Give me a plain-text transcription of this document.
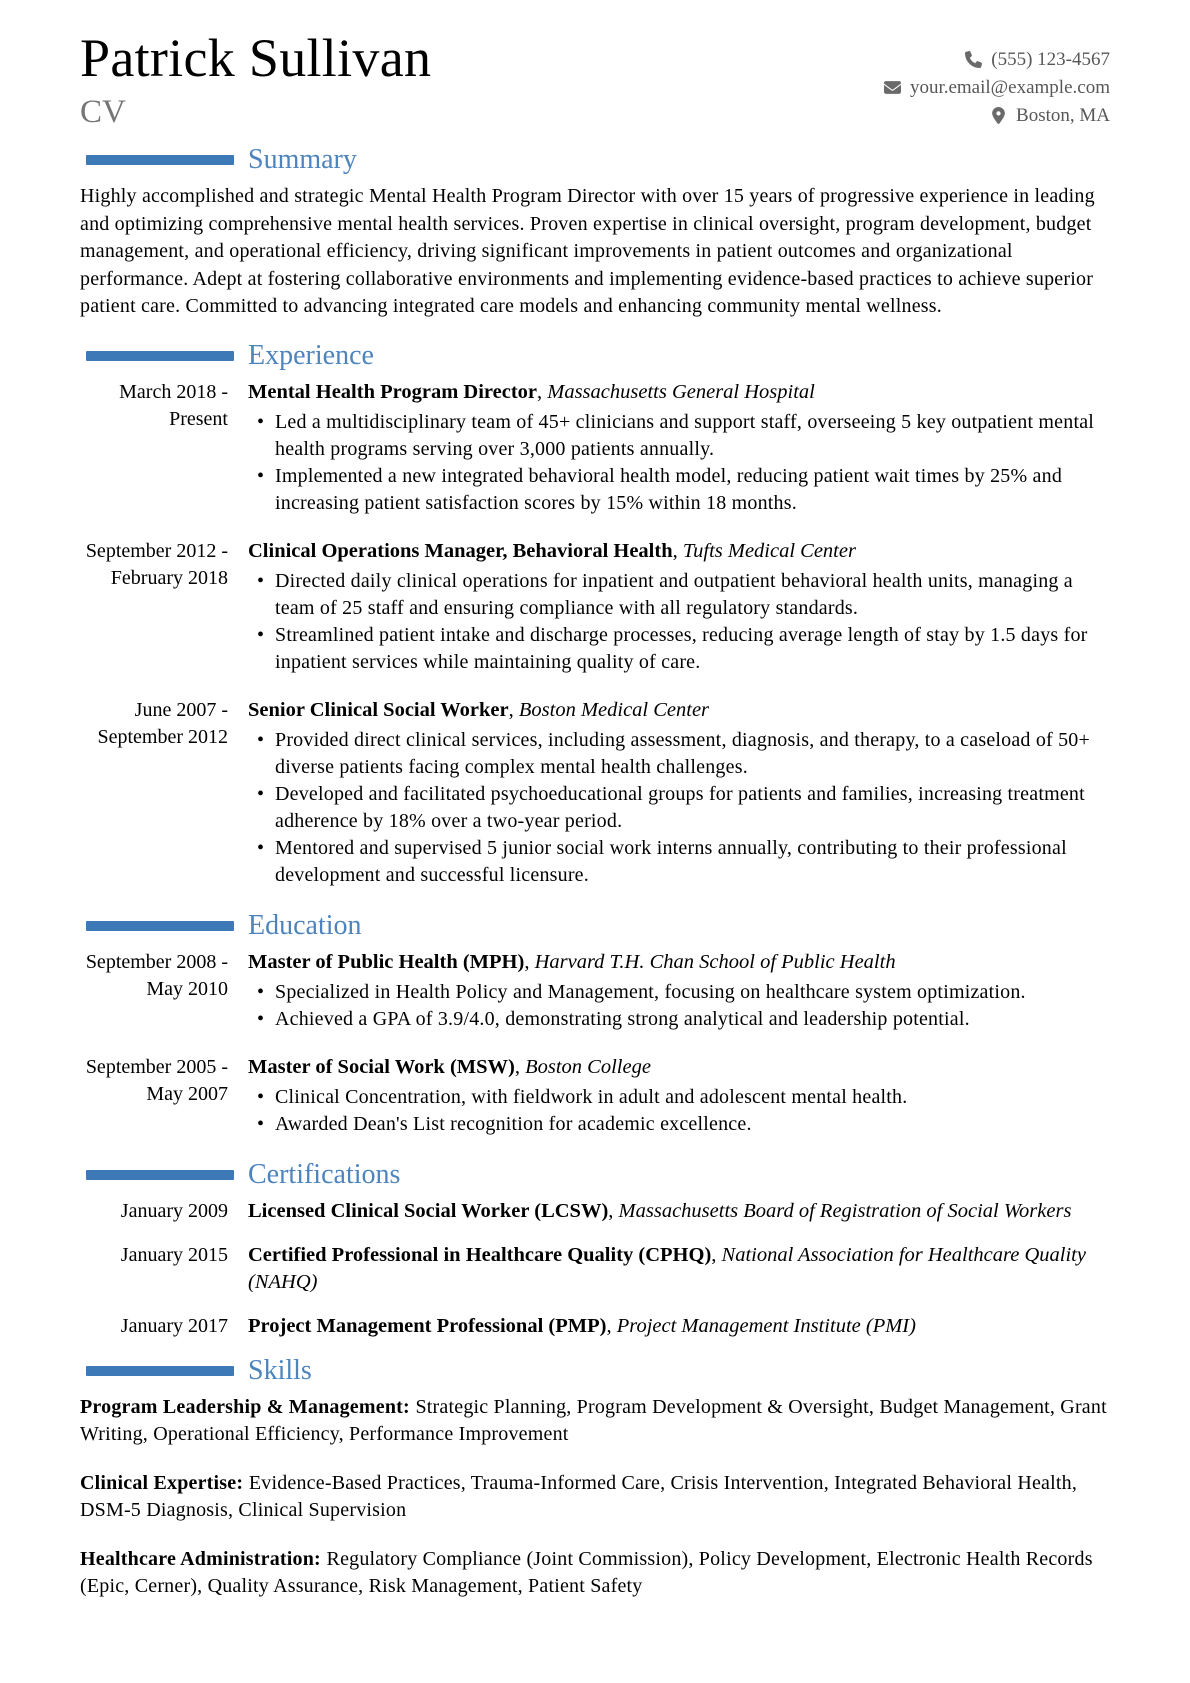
Patrick Sullivan
CV
(555) 123-4567
your.email@example.com
Boston, MA
Summary
Highly accomplished and strategic Mental Health Program Director with over 15 years of progressive experience in leading and optimizing comprehensive mental health services. Proven expertise in clinical oversight, program development, budget management, and operational efficiency, driving significant improvements in patient outcomes and organizational performance. Adept at fostering collaborative environments and implementing evidence-based practices to achieve superior patient care. Committed to advancing integrated care models and enhancing community mental wellness.
Experience
March 2018 - Present
Mental Health Program Director, Massachusetts General Hospital
• Led a multidisciplinary team of 45+ clinicians and support staff, overseeing 5 key outpatient mental health programs serving over 3,000 patients annually.
• Implemented a new integrated behavioral health model, reducing patient wait times by 25% and increasing patient satisfaction scores by 15% within 18 months.
September 2012 - February 2018
Clinical Operations Manager, Behavioral Health, Tufts Medical Center
• Directed daily clinical operations for inpatient and outpatient behavioral health units, managing a team of 25 staff and ensuring compliance with all regulatory standards.
• Streamlined patient intake and discharge processes, reducing average length of stay by 1.5 days for inpatient services while maintaining quality of care.
June 2007 - September 2012
Senior Clinical Social Worker, Boston Medical Center
• Provided direct clinical services, including assessment, diagnosis, and therapy, to a caseload of 50+ diverse patients facing complex mental health challenges.
• Developed and facilitated psychoeducational groups for patients and families, increasing treatment adherence by 18% over a two-year period.
• Mentored and supervised 5 junior social work interns annually, contributing to their professional development and successful licensure.
Education
September 2008 - May 2010
Master of Public Health (MPH), Harvard T.H. Chan School of Public Health
• Specialized in Health Policy and Management, focusing on healthcare system optimization.
• Achieved a GPA of 3.9/4.0, demonstrating strong analytical and leadership potential.
September 2005 - May 2007
Master of Social Work (MSW), Boston College
• Clinical Concentration, with fieldwork in adult and adolescent mental health.
• Awarded Dean's List recognition for academic excellence.
Certifications
January 2009 Licensed Clinical Social Worker (LCSW), Massachusetts Board of Registration of Social Workers
January 2015 Certified Professional in Healthcare Quality (CPHQ), National Association for Healthcare Quality (NAHQ)
January 2017 Project Management Professional (PMP), Project Management Institute (PMI)
Skills
Program Leadership & Management: Strategic Planning, Program Development & Oversight, Budget Management, Grant Writing, Operational Efficiency, Performance Improvement
Clinical Expertise: Evidence-Based Practices, Trauma-Informed Care, Crisis Intervention, Integrated Behavioral Health, DSM-5 Diagnosis, Clinical Supervision
Healthcare Administration: Regulatory Compliance (Joint Commission), Policy Development, Electronic Health Records (Epic, Cerner), Quality Assurance, Risk Management, Patient Safety
